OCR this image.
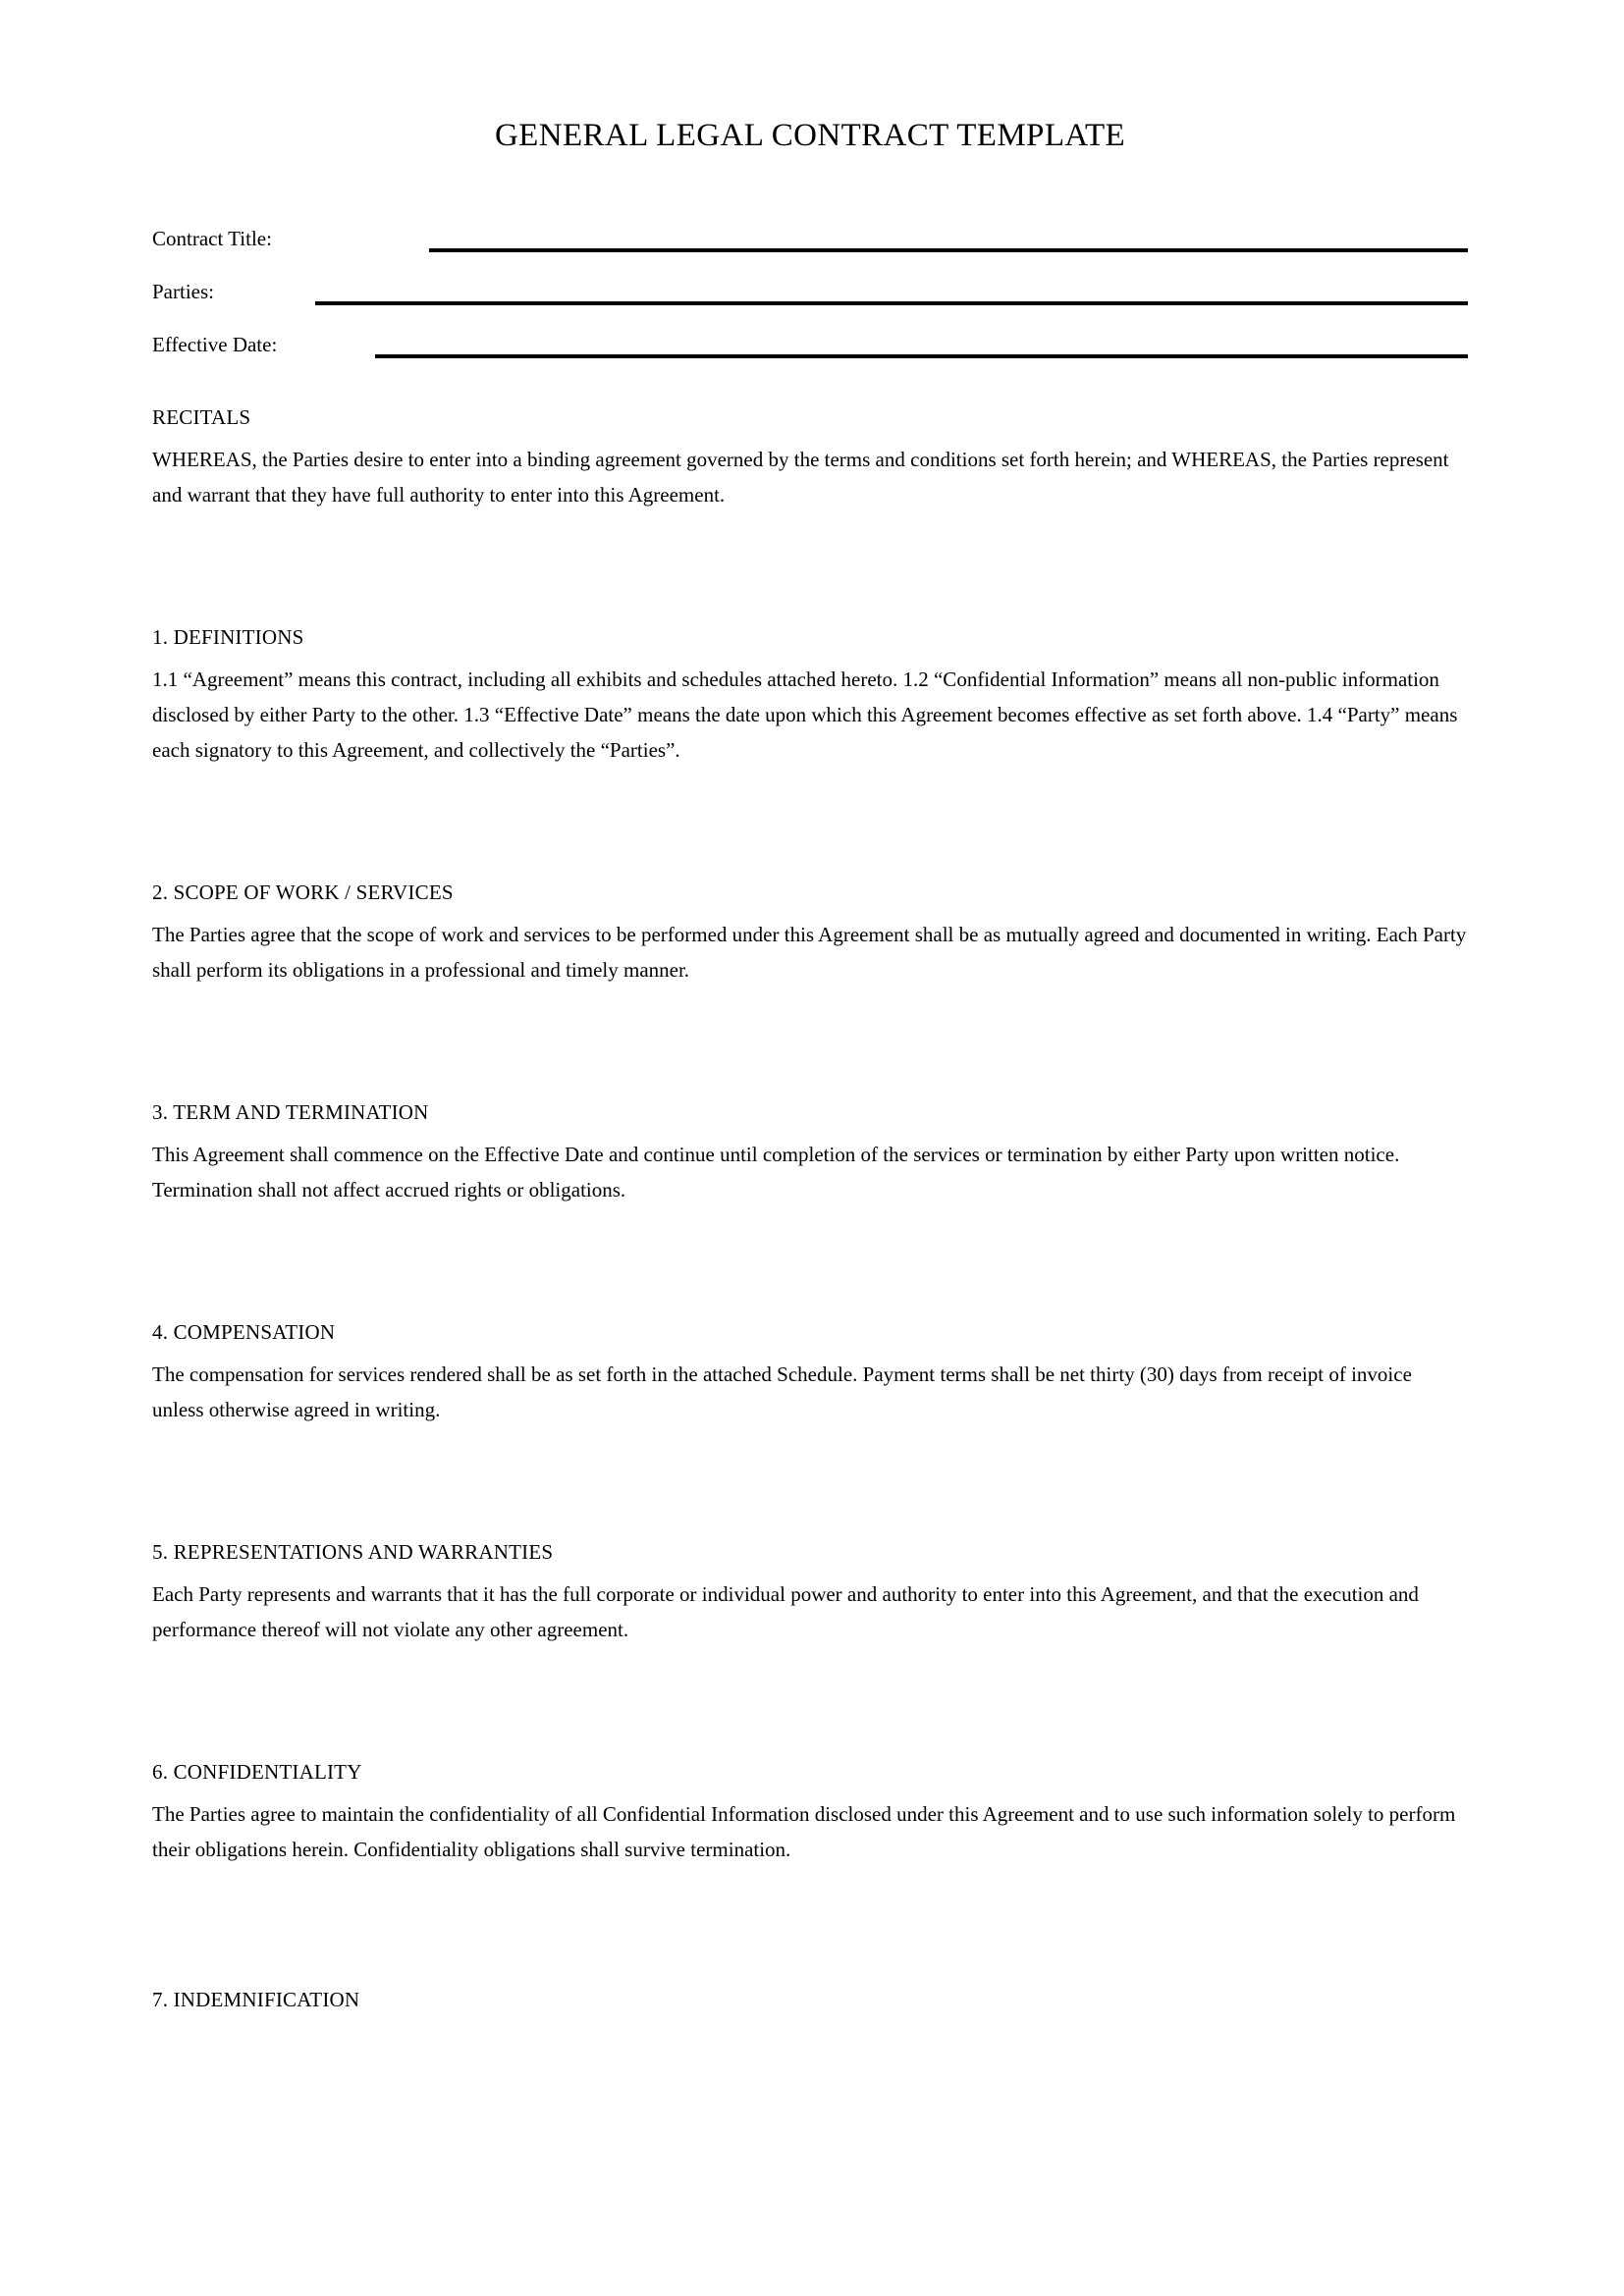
GENERAL LEGAL CONTRACT TEMPLATE
Contract Title:
Parties:
Effective Date:
RECITALS

WHEREAS, the Parties desire to enter into a binding agreement governed by the terms and conditions set forth herein; and WHEREAS, the Parties represent and warrant that they have full authority to enter into this Agreement.

1. DEFINITIONS

1.1 “Agreement” means this contract, including all exhibits and schedules attached hereto. 1.2 “Confidential Information” means all non-public information disclosed by either Party to the other. 1.3 “Effective Date” means the date upon which this Agreement becomes effective as set forth above. 1.4 “Party” means each signatory to this Agreement, and collectively the “Parties”.

2. SCOPE OF WORK / SERVICES

The Parties agree that the scope of work and services to be performed under this Agreement shall be as mutually agreed and documented in writing. Each Party shall perform its obligations in a professional and timely manner.

3. TERM AND TERMINATION

This Agreement shall commence on the Effective Date and continue until completion of the services or termination by either Party upon written notice. Termination shall not affect accrued rights or obligations.

4. COMPENSATION

The compensation for services rendered shall be as set forth in the attached Schedule. Payment terms shall be net thirty (30) days from receipt of invoice unless otherwise agreed in writing.

5. REPRESENTATIONS AND WARRANTIES

Each Party represents and warrants that it has the full corporate or individual power and authority to enter into this Agreement, and that the execution and performance thereof will not violate any other agreement.

6. CONFIDENTIALITY

The Parties agree to maintain the confidentiality of all Confidential Information disclosed under this Agreement and to use such information solely to perform their obligations herein. Confidentiality obligations shall survive termination.

7. INDEMNIFICATION
